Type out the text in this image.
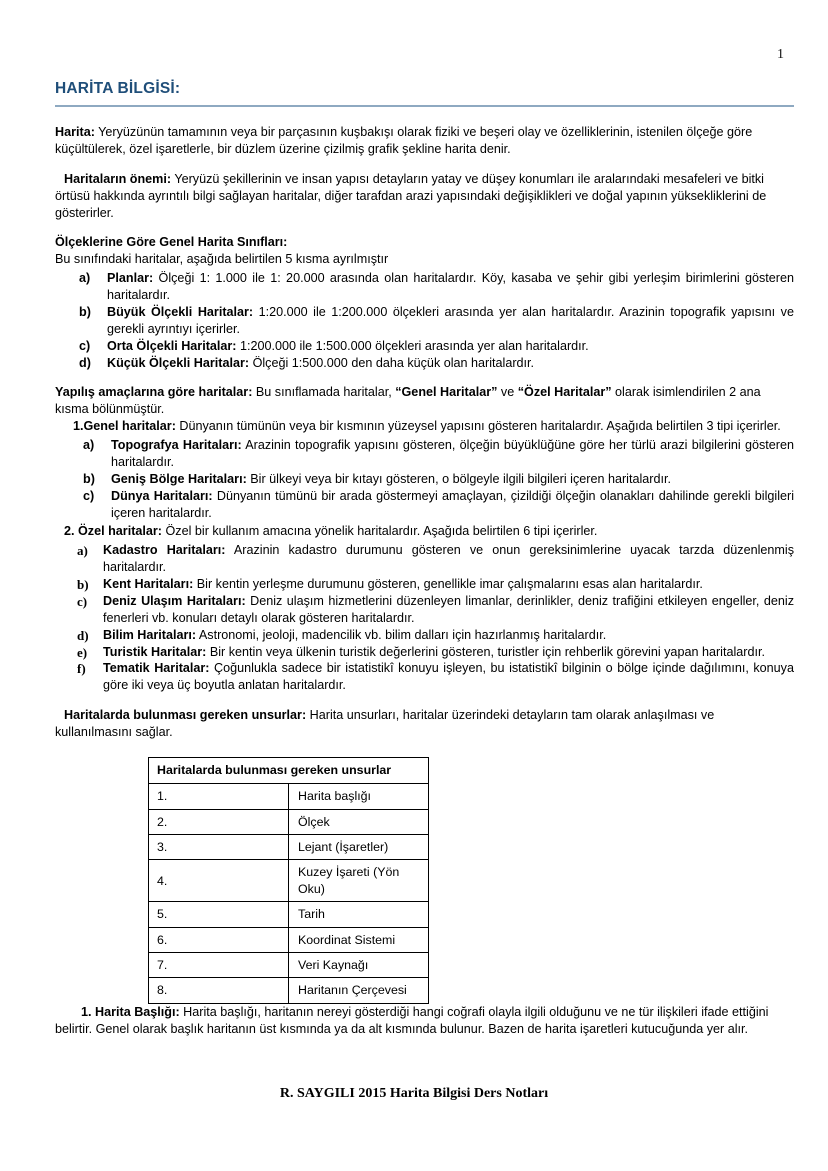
1
HARİTA BİLGİSİ:

Harita: Yeryüzünün tamamının veya bir parçasının kuşbakışı olarak fiziki ve beşeri olay ve özelliklerinin, istenilen ölçeğe göre küçültülerek, özel işaretlerle, bir düzlem üzerine çizilmiş grafik şekline harita denir.

Haritaların önemi: Yeryüzü şekillerinin ve insan yapısı detayların yatay ve düşey konumları ile aralarındaki mesafeleri ve bitki örtüsü hakkında ayrıntılı bilgi sağlayan haritalar, diğer tarafdan arazi yapısındaki değişiklikleri ve doğal yapının yüksekliklerini de gösterirler.

Ölçeklerine Göre Genel Harita Sınıfları:

Bu sınıfındaki haritalar, aşağıda belirtilen 5 kısma ayrılmıştır

a)	Planlar: Ölçeği 1: 1.000 ile 1: 20.000 arasında olan haritalardır. Köy, kasaba ve şehir gibi yerleşim birimlerini gösteren haritalardır.
b)	Büyük Ölçekli Haritalar: 1:20.000 ile 1:200.000 ölçekleri arasında yer alan haritalardır. Arazinin topografik yapısını ve gerekli ayrıntıyı içerirler.
c)	Orta Ölçekli Haritalar: 1:200.000 ile 1:500.000 ölçekleri arasında yer alan haritalardır.
d)	Küçük Ölçekli Haritalar: Ölçeği 1:500.000 den daha küçük olan haritalardır.

Yapılış amaçlarına göre haritalar: Bu sınıflamada haritalar, “Genel Haritalar” ve “Özel Haritalar” olarak isimlendirilen 2 ana kısma bölünmüştür.

1.Genel haritalar: Dünyanın tümünün veya bir kısmının yüzeysel yapısını gösteren haritalardır. Aşağıda belirtilen 3 tipi içerirler.

a)	Topografya Haritaları: Arazinin topografik yapısını gösteren, ölçeğin büyüklüğüne göre her türlü arazi bilgilerini gösteren haritalardır.
b)	Geniş Bölge Haritaları: Bir ülkeyi veya bir kıtayı gösteren, o bölgeyle ilgili bilgileri içeren haritalardır.
c)	Dünya Haritaları: Dünyanın tümünü bir arada göstermeyi amaçlayan, çizildiği ölçeğin olanakları dahilinde gerekli bilgileri içeren haritalardır.

2. Özel haritalar: Özel bir kullanım amacına yönelik haritalardır. Aşağıda belirtilen 6 tipi içerirler.

a)	Kadastro Haritaları: Arazinin kadastro durumunu gösteren ve onun gereksinimlerine uyacak tarzda düzenlenmiş haritalardır.
b)	Kent Haritaları: Bir kentin yerleşme durumunu gösteren, genellikle imar çalışmalarını esas alan haritalardır.
c)	Deniz Ulaşım Haritaları: Deniz ulaşım hizmetlerini düzenleyen limanlar, derinlikler, deniz trafiğini etkileyen engeller, deniz fenerleri vb. konuları detaylı olarak gösteren haritalardır.
d)	Bilim Haritaları: Astronomi, jeoloji, madencilik vb. bilim dalları için hazırlanmış haritalardır.
e)	Turistik Haritalar: Bir kentin veya ülkenin turistik değerlerini gösteren, turistler için rehberlik görevini yapan haritalardır.
f)	Tematik Haritalar: Çoğunlukla sadece bir istatistikî konuyu işleyen, bu istatistikî bilginin o bölge içinde dağılımını, konuya göre iki veya üç boyutla anlatan haritalardır.

Haritalarda bulunması gereken unsurlar: Harita unsurları, haritalar üzerindeki detayların tam olarak anlaşılması ve kullanılmasını sağlar.

Haritalarda bulunması gereken unsurlar	
1.	Harita başlığı
2.	Ölçek
3.	Lejant (İşaretler)
4.	Kuzey İşareti (Yön Oku)
5.	Tarih
6.	Koordinat Sistemi
7.	Veri Kaynağı
8.	Haritanın Çerçevesi

1. Harita Başlığı: Harita başlığı, haritanın nereyi gösterdiği hangi coğrafi olayla ilgili olduğunu ve ne tür ilişkileri ifade ettiğini belirtir. Genel olarak başlık haritanın üst kısmında ya da alt kısmında bulunur. Bazen de harita işaretleri kutucuğunda yer alır.

R. SAYGILI 2015 Harita Bilgisi Ders Notları
